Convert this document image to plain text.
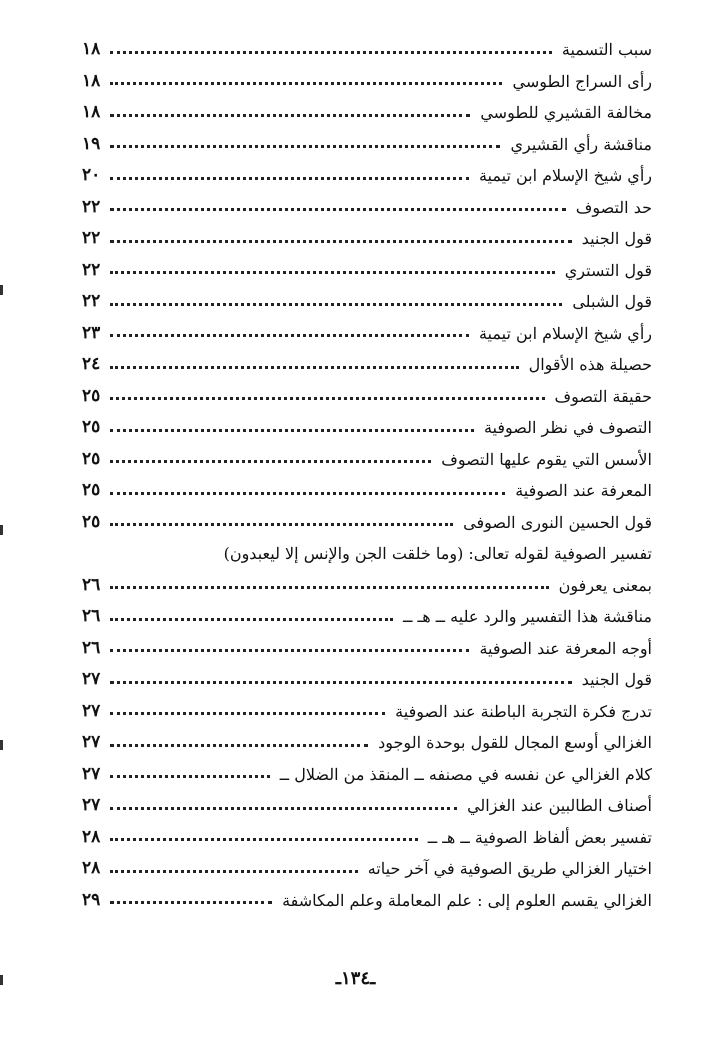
سبب التسمية
١٨
رأى السراج الطوسي
١٨
مخالفة القشيري للطوسي
١٨
مناقشة رأي القشيري
١٩
رأي شيخ الإسلام ابن تيمية
٢٠
حد التصوف
٢٢
قول الجنيد
٢٢
قول التستري
٢٢
قول الشبلى
٢٢
رأي شيخ الإسلام ابن تيمية
٢٣
حصيلة هذه الأقوال
٢٤
حقيقة التصوف
٢٥
التصوف في نظر الصوفية
٢٥
الأسس التي يقوم عليها التصوف
٢٥
المعرفة عند الصوفية
٢٥
قول الحسين النورى الصوفى
٢٥
تفسير الصوفية لقوله تعالى: (وما خلقت الجن والإنس إلا ليعبدون)
بمعنى يعرفون
٢٦
مناقشة هذا التفسير والرد عليه ــ هـ ــ
٢٦
أوجه المعرفة عند الصوفية
٢٦
قول الجنيد
٢٧
تدرج فكرة التجربة الباطنة عند الصوفية
٢٧
الغزالي أوسع المجال للقول بوحدة الوجود
٢٧
كلام الغزالي عن نفسه في مصنفه ــ المنقذ من الضلال ــ
٢٧
أصناف الطالبين عند الغزالي
٢٧
تفسير بعض ألفاظ الصوفية ــ هـ ــ
٢٨
اختيار الغزالي طريق الصوفية في آخر حياته
٢٨
الغزالي يقسم العلوم إلى : علم المعاملة وعلم المكاشفة
٢٩
ـ١٣٤ـ
